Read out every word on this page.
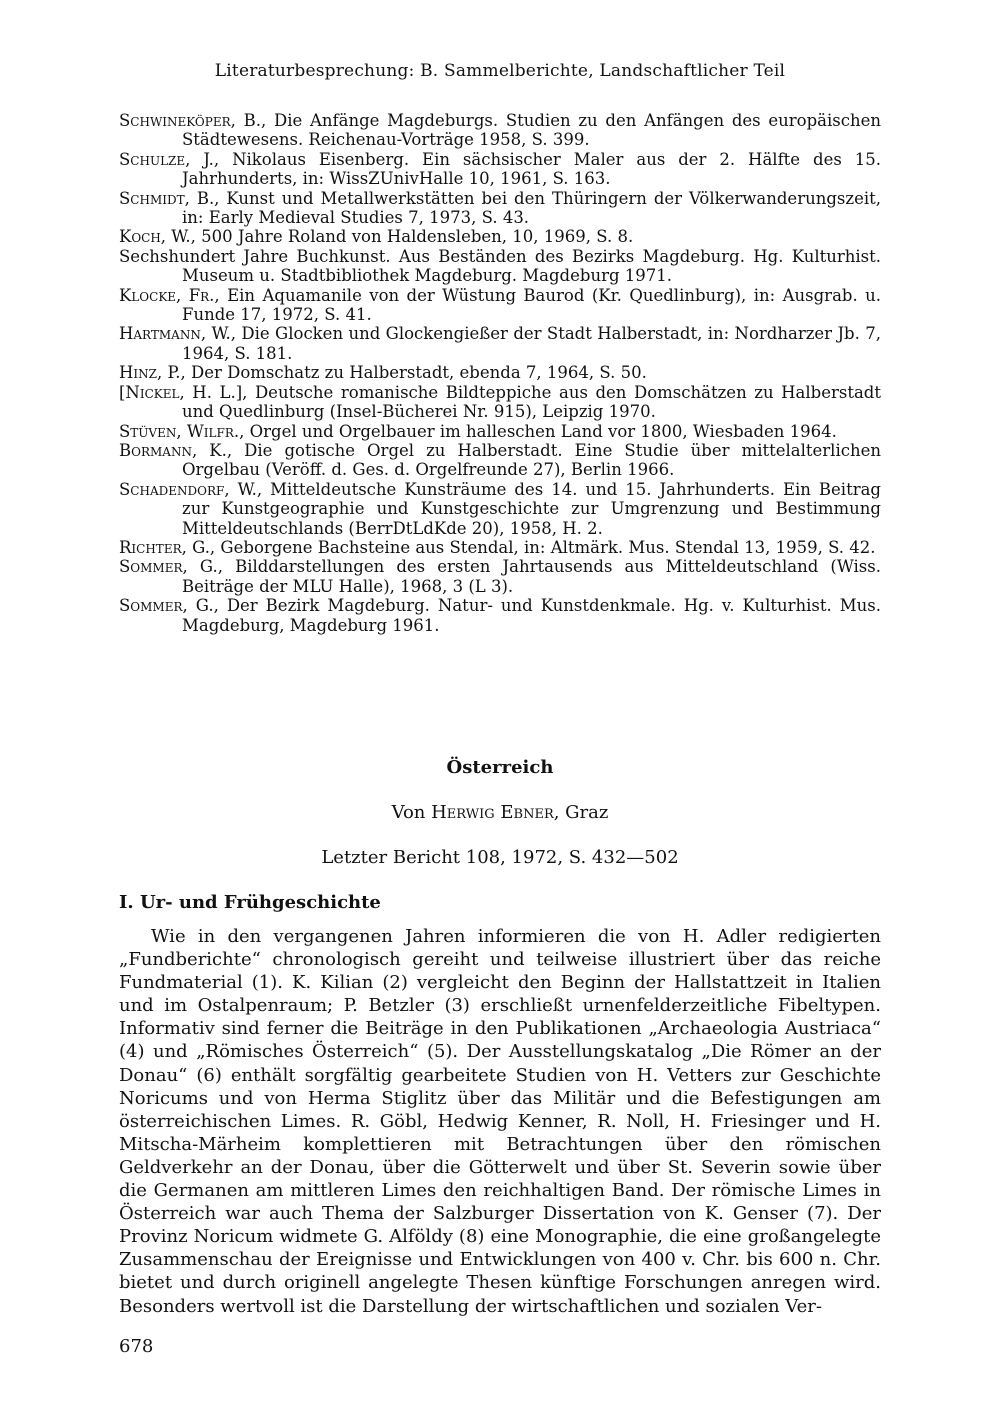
Literaturbesprechung: B. Sammelberichte, Landschaftlicher Teil
Schwineköper, B., Die Anfänge Magdeburgs. Studien zu den Anfängen des europäischen Städtewesens. Reichenau-Vorträge 1958, S. 399.
Schulze, J., Nikolaus Eisenberg. Ein sächsischer Maler aus der 2. Hälfte des 15. Jahrhunderts, in: WissZUnivHalle 10, 1961, S. 163.
Schmidt, B., Kunst und Metallwerkstätten bei den Thüringern der Völkerwanderungszeit, in: Early Medieval Studies 7, 1973, S. 43.
Koch, W., 500 Jahre Roland von Haldensleben, 10, 1969, S. 8.
Sechshundert Jahre Buchkunst. Aus Beständen des Bezirks Magdeburg. Hg. Kulturhist. Museum u. Stadtbibliothek Magdeburg. Magdeburg 1971.
Klocke, Fr., Ein Aquamanile von der Wüstung Baurod (Kr. Quedlinburg), in: Ausgrab. u. Funde 17, 1972, S. 41.
Hartmann, W., Die Glocken und Glockengießer der Stadt Halberstadt, in: Nordharzer Jb. 7, 1964, S. 181.
Hinz, P., Der Domschatz zu Halberstadt, ebenda 7, 1964, S. 50.
[Nickel, H. L.], Deutsche romanische Bildteppiche aus den Domschätzen zu Halberstadt und Quedlinburg (Insel-Bücherei Nr. 915), Leipzig 1970.
Stüven, Wilfr., Orgel und Orgelbauer im halleschen Land vor 1800, Wiesbaden 1964.
Bormann, K., Die gotische Orgel zu Halberstadt. Eine Studie über mittelalterlichen Orgelbau (Veröff. d. Ges. d. Orgelfreunde 27), Berlin 1966.
Schadendorf, W., Mitteldeutsche Kunsträume des 14. und 15. Jahrhunderts. Ein Beitrag zur Kunstgeographie und Kunstgeschichte zur Umgrenzung und Bestimmung Mitteldeutschlands (BerrDtLdKde 20), 1958, H. 2.
Richter, G., Geborgene Bachsteine aus Stendal, in: Altmärk. Mus. Stendal 13, 1959, S. 42.
Sommer, G., Bilddarstellungen des ersten Jahrtausends aus Mitteldeutschland (Wiss. Beiträge der MLU Halle), 1968, 3 (L 3).
Sommer, G., Der Bezirk Magdeburg. Natur- und Kunstdenkmale. Hg. v. Kulturhist. Mus. Magdeburg, Magdeburg 1961.
Österreich
Von Herwig Ebner, Graz
Letzter Bericht 108, 1972, S. 432—502
I. Ur- und Frühgeschichte

Wie in den vergangenen Jahren informieren die von H. Adler redigierten „Fundberichte“ chronologisch gereiht und teilweise illustriert über das reiche Fundmaterial (1). K. Kilian (2) vergleicht den Beginn der Hallstattzeit in Italien und im Ostalpenraum; P. Betzler (3) erschließt urnenfelderzeitliche Fibeltypen. Informativ sind ferner die Beiträge in den Publikationen „Archaeologia Austriaca“ (4) und „Römisches Österreich“ (5). Der Ausstellungskatalog „Die Römer an der Donau“ (6) enthält sorgfältig gearbeitete Studien von H. Vetters zur Geschichte Noricums und von Herma Stiglitz über das Militär und die Befestigungen am österreichischen Limes. R. Göbl, Hedwig Kenner, R. Noll, H. Friesinger und H. Mitscha-Märheim komplettieren mit Betrachtungen über den römischen Geldverkehr an der Donau, über die Götterwelt und über St. Severin sowie über die Germanen am mittleren Limes den reichhaltigen Band. Der römische Limes in Österreich war auch Thema der Salzburger Dissertation von K. Genser (7). Der Provinz Noricum widmete G. Alföldy (8) eine Monographie, die eine großangelegte Zusammenschau der Ereignisse und Entwicklungen von 400 v. Chr. bis 600 n. Chr. bietet und durch originell angelegte Thesen künftige Forschungen anregen wird. Besonders wertvoll ist die Darstellung der wirtschaftlichen und sozialen Ver-

678
